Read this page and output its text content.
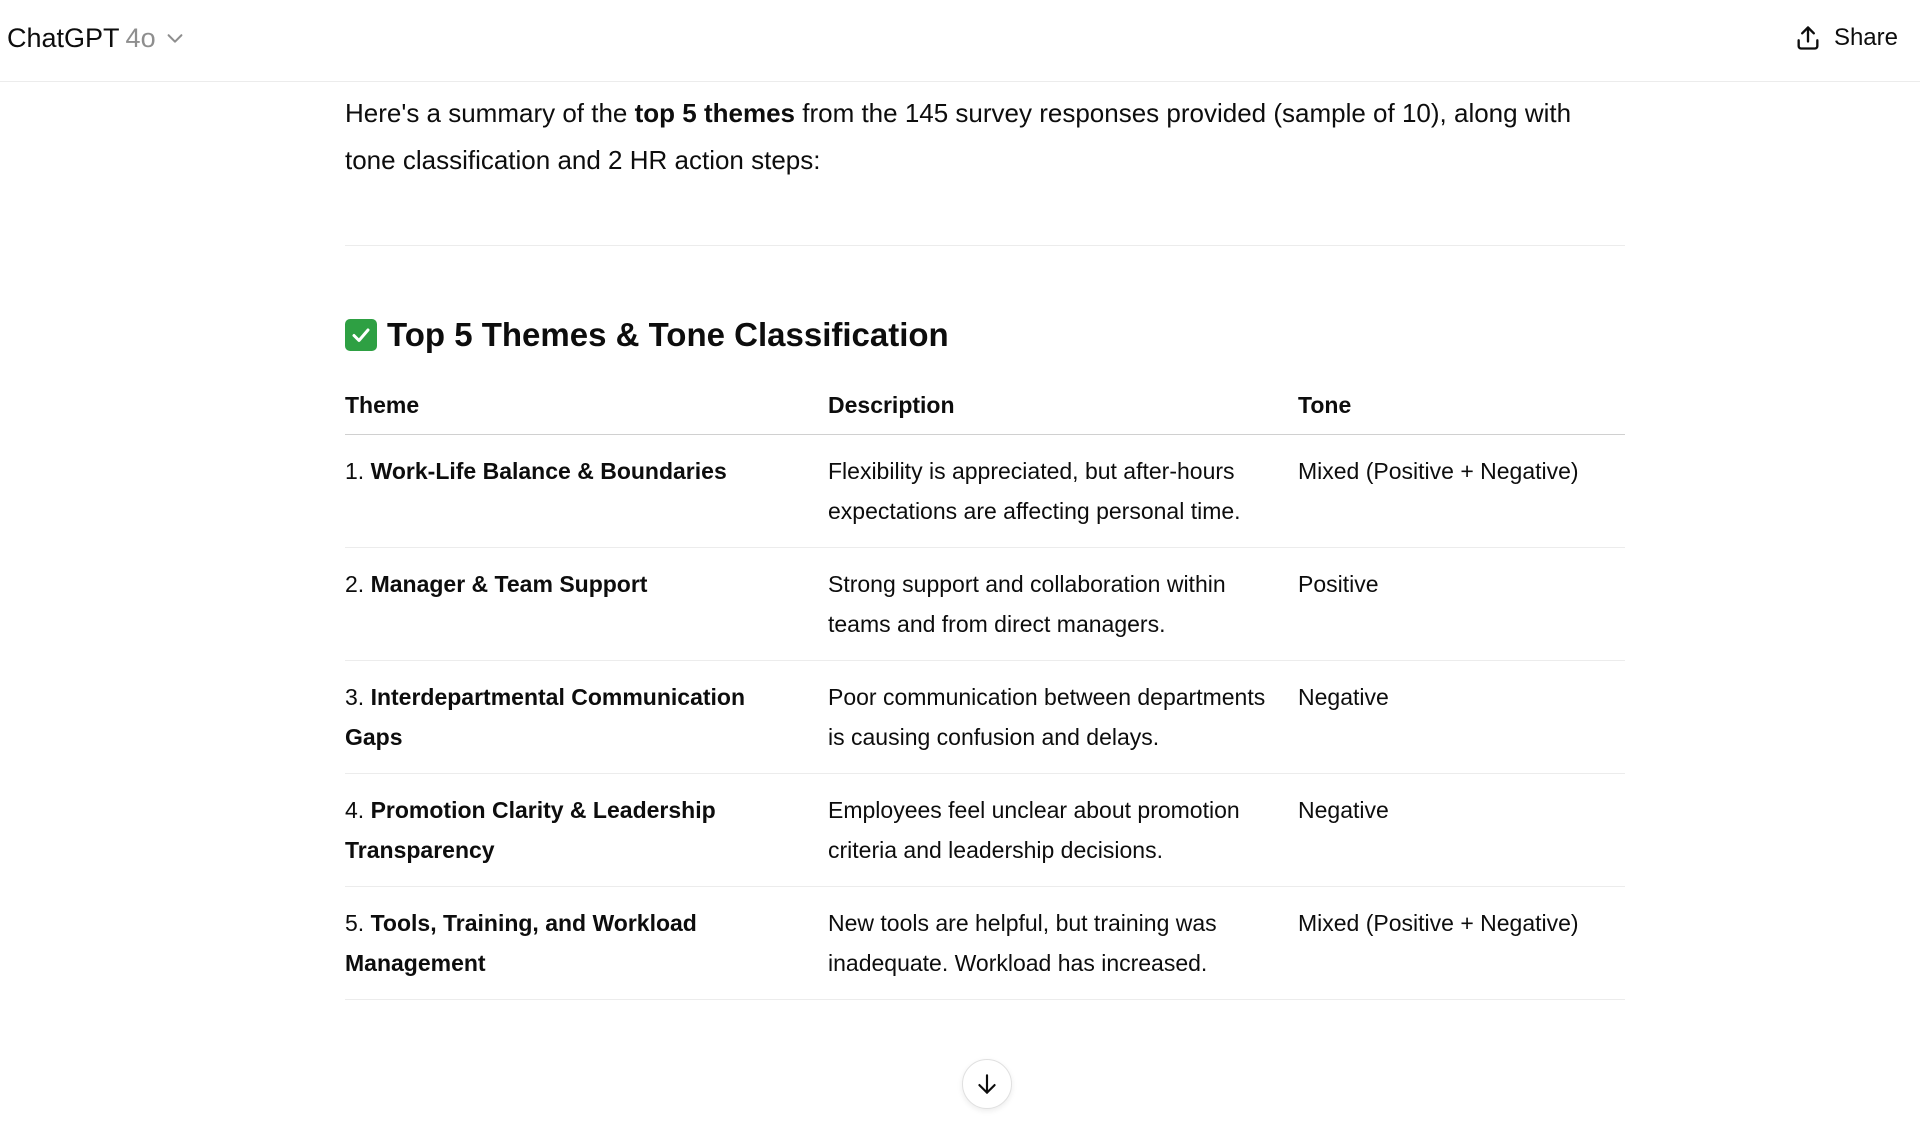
ChatGPT 4o	Share

Here's a summary of the top 5 themes from the 145 survey responses provided (sample of 10), along with tone classification and 2 HR action steps:

Top 5 Themes & Tone Classification
Theme	Description	Tone
1. Work-Life Balance & Boundaries	Flexibility is appreciated, but after-hours expectations are affecting personal time.	Mixed (Positive + Negative)
2. Manager & Team Support	Strong support and collaboration within teams and from direct managers.	Positive
3. Interdepartmental Communication Gaps	Poor communication between departments is causing confusion and delays.	Negative
4. Promotion Clarity & Leadership Transparency	Employees feel unclear about promotion criteria and leadership decisions.	Negative
5. Tools, Training, and Workload Management	New tools are helpful, but training was inadequate. Workload has increased.	Mixed (Positive + Negative)
